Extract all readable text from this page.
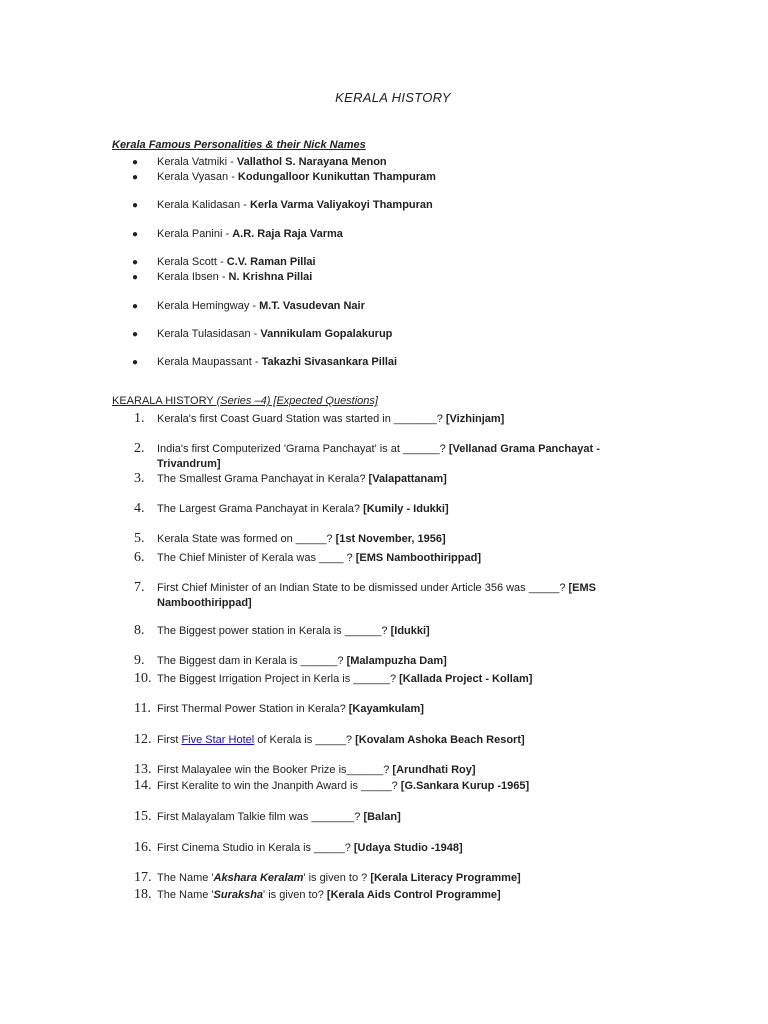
KERALA HISTORY
Kerala Famous Personalities & their Nick Names
● Kerala Vatmiki - Vallathol S. Narayana Menon
● Kerala Vyasan - Kodungalloor Kunikuttan Thampuram
● Kerala Kalidasan - Kerla Varma Valiyakoyi Thampuran
● Kerala Panini - A.R. Raja Raja Varma
● Kerala Scott - C.V. Raman Pillai
● Kerala Ibsen - N. Krishna Pillai
● Kerala Hemingway - M.T. Vasudevan Nair
● Kerala Tulasidasan - Vannikulam Gopalakurup
● Kerala Maupassant - Takazhi Sivasankara Pillai
KEARALA HISTORY (Series –4) [Expected Questions]
1. Kerala's first Coast Guard Station was started in _______? [Vizhinjam]
2. India's first Computerized 'Grama Panchayat' is at ______? [Vellanad Grama Panchayat - Trivandrum]
3. The Smallest Grama Panchayat in Kerala? [Valapattanam]
4. The Largest Grama Panchayat in Kerala? [Kumily - Idukki]
5. Kerala State was formed on _____? [1st November, 1956]
6. The Chief Minister of Kerala was ____ ? [EMS Namboothirippad]
7. First Chief Minister of an Indian State to be dismissed under Article 356 was _____? [EMS Namboothirippad]
8. The Biggest power station in Kerala is ______? [Idukki]
9. The Biggest dam in Kerala is ______? [Malampuzha Dam]
10. The Biggest Irrigation Project in Kerla is ______? [Kallada Project - Kollam]
11. First Thermal Power Station in Kerala? [Kayamkulam]
12. First Five Star Hotel of Kerala is _____? [Kovalam Ashoka Beach Resort]
13. First Malayalee win the Booker Prize is______? [Arundhati Roy]
14. First Keralite to win the Jnanpith Award is _____? [G.Sankara Kurup -1965]
15. First Malayalam Talkie film was _______? [Balan]
16. First Cinema Studio in Kerala is _____? [Udaya Studio -1948]
17. The Name 'Akshara Keralam' is given to ? [Kerala Literacy Programme]
18. The Name 'Suraksha' is given to? [Kerala Aids Control Programme]
